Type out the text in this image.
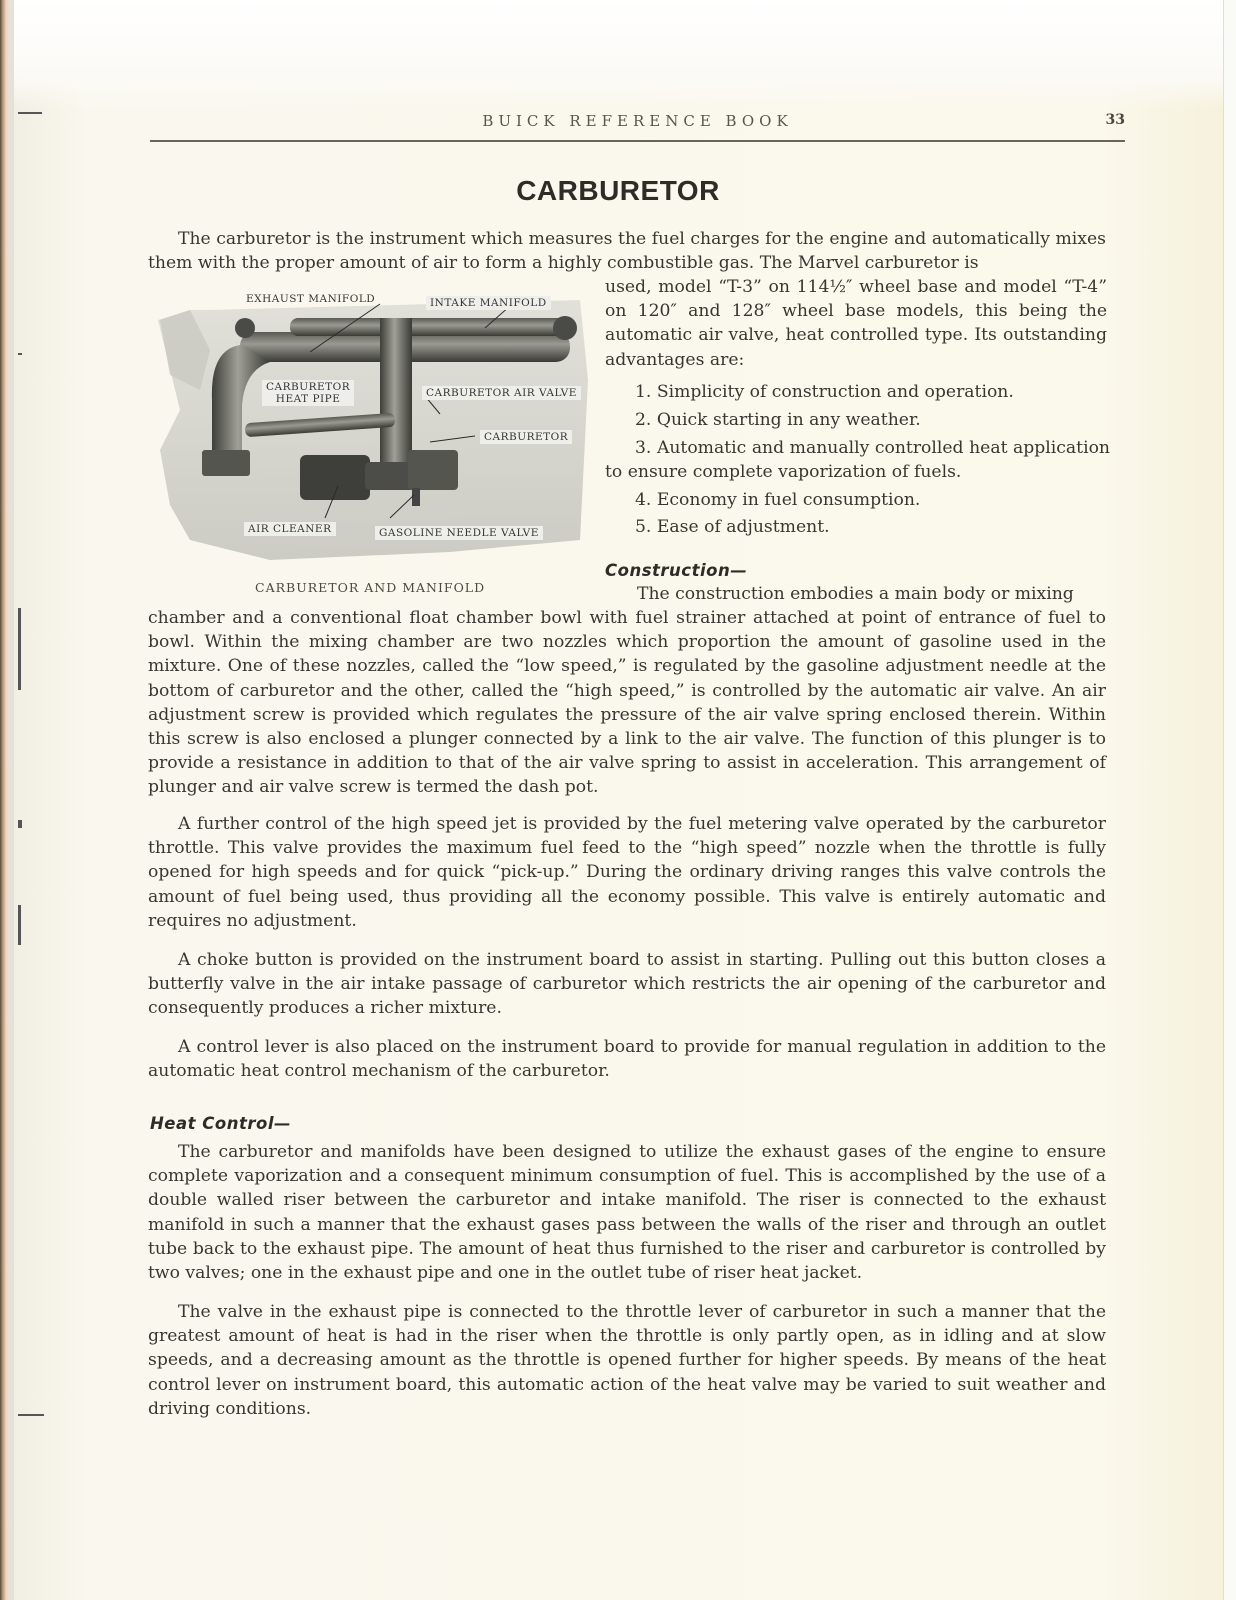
BUICK REFERENCE BOOK	33
CARBURETOR

The carburetor is the instrument which measures the fuel charges for the engine and automatically mixes them with the proper amount of air to form a highly combustible gas. The Marvel carburetor is

used, model “T-3” on 114½″ wheel base and model “T-4” on 120″ and 128″ wheel base models, this being the automatic air valve, heat controlled type. Its outstanding advantages are:

EXHAUST MANIFOLD	INTAKE MANIFOLD
CARBURETOR
HEAT PIPE	CARBURETOR AIR VALVE
CARBURETOR
AIR CLEANER	GASOLINE NEEDLE VALVE
CARBURETOR AND MANIFOLD

1. Simplicity of construction and operation.

2. Quick starting in any weather.

3. Automatic and manually controlled heat application to ensure complete vaporization of fuels.

4. Economy in fuel consumption.

5. Ease of adjustment.

Construction—

The construction embodies a main body or mixing

chamber and a conventional float chamber bowl with fuel strainer attached at point of entrance of fuel to bowl. Within the mixing chamber are two nozzles which proportion the amount of gasoline used in the mixture. One of these nozzles, called the “low speed,” is regulated by the gasoline adjustment needle at the bottom of carburetor and the other, called the “high speed,” is controlled by the automatic air valve. An air adjustment screw is provided which regulates the pressure of the air valve spring enclosed therein. Within this screw is also enclosed a plunger connected by a link to the air valve. The function of this plunger is to provide a resistance in addition to that of the air valve spring to assist in acceleration. This arrangement of plunger and air valve screw is termed the dash pot.

A further control of the high speed jet is provided by the fuel metering valve operated by the carburetor throttle. This valve provides the maximum fuel feed to the “high speed” nozzle when the throttle is fully opened for high speeds and for quick “pick-up.” During the ordinary driving ranges this valve controls the amount of fuel being used, thus providing all the economy possible. This valve is entirely automatic and requires no adjustment.

A choke button is provided on the instrument board to assist in starting. Pulling out this button closes a butterfly valve in the air intake passage of carburetor which restricts the air opening of the carburetor and consequently produces a richer mixture.

A control lever is also placed on the instrument board to provide for manual regulation in addition to the automatic heat control mechanism of the carburetor.

Heat Control—

The carburetor and manifolds have been designed to utilize the exhaust gases of the engine to ensure complete vaporization and a consequent minimum consumption of fuel. This is accomplished by the use of a double walled riser between the carburetor and intake manifold. The riser is connected to the exhaust manifold in such a manner that the exhaust gases pass between the walls of the riser and through an outlet tube back to the exhaust pipe. The amount of heat thus furnished to the riser and carburetor is controlled by two valves; one in the exhaust pipe and one in the outlet tube of riser heat jacket.

The valve in the exhaust pipe is connected to the throttle lever of carburetor in such a manner that the greatest amount of heat is had in the riser when the throttle is only partly open, as in idling and at slow speeds, and a decreasing amount as the throttle is opened further for higher speeds. By means of the heat control lever on instrument board, this automatic action of the heat valve may be varied to suit weather and driving conditions.
